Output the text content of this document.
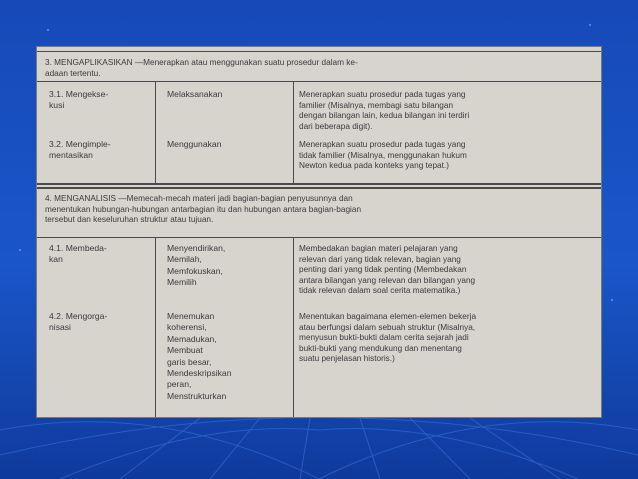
3. MENGAPLIKASIKAN —Menerapkan atau menggunakan suatu prosedur dalam ke-
adaan tertentu.
3.1. Mengekse-
kusi
Melaksanakan	Menerapkan suatu prosedur pada tugas yang
familier (Misalnya, membagi satu bilangan
dengan bilangan lain, kedua bilangan ini terdiri
dari beberapa digit).
3.2. Mengimple-
mentasikan
Menggunakan	Menerapkan suatu prosedur pada tugas yang
tidak familier (Misalnya, menggunakan hukum
Newton kedua pada konteks yang tepat.)
4. MENGANALISIS —Memecah-mecah materi jadi bagian-bagian penyusunnya dan
menentukan hubungan-hubungan antarbagian itu dan hubungan antara bagian-bagian
tersebut dan keseluruhan struktur atau tujuan.
4.1. Membeda-
kan
Menyendirikan,
Memilah,
Memfokuskan,
Memilih
Membedakan bagian materi pelajaran yang
relevan dari yang tidak relevan, bagian yang
penting dari yang tidak penting (Membedakan
antara bilangan yang relevan dan bilangan yang
tidak relevan dalam soal cerita matematika.)
4.2. Mengorga-
nisasi
Menemukan
koherensi,
Memadukan,
Membuat
garis besar,
Mendeskripsikan
peran,
Menstrukturkan
Menentukan bagaimana elemen-elemen bekerja
atau berfungsi dalam sebuah struktur (Misalnya,
menyusun bukti-bukti dalam cerita sejarah jadi
bukti-bukti yang mendukung dan menentang
suatu penjelasan historis.)
